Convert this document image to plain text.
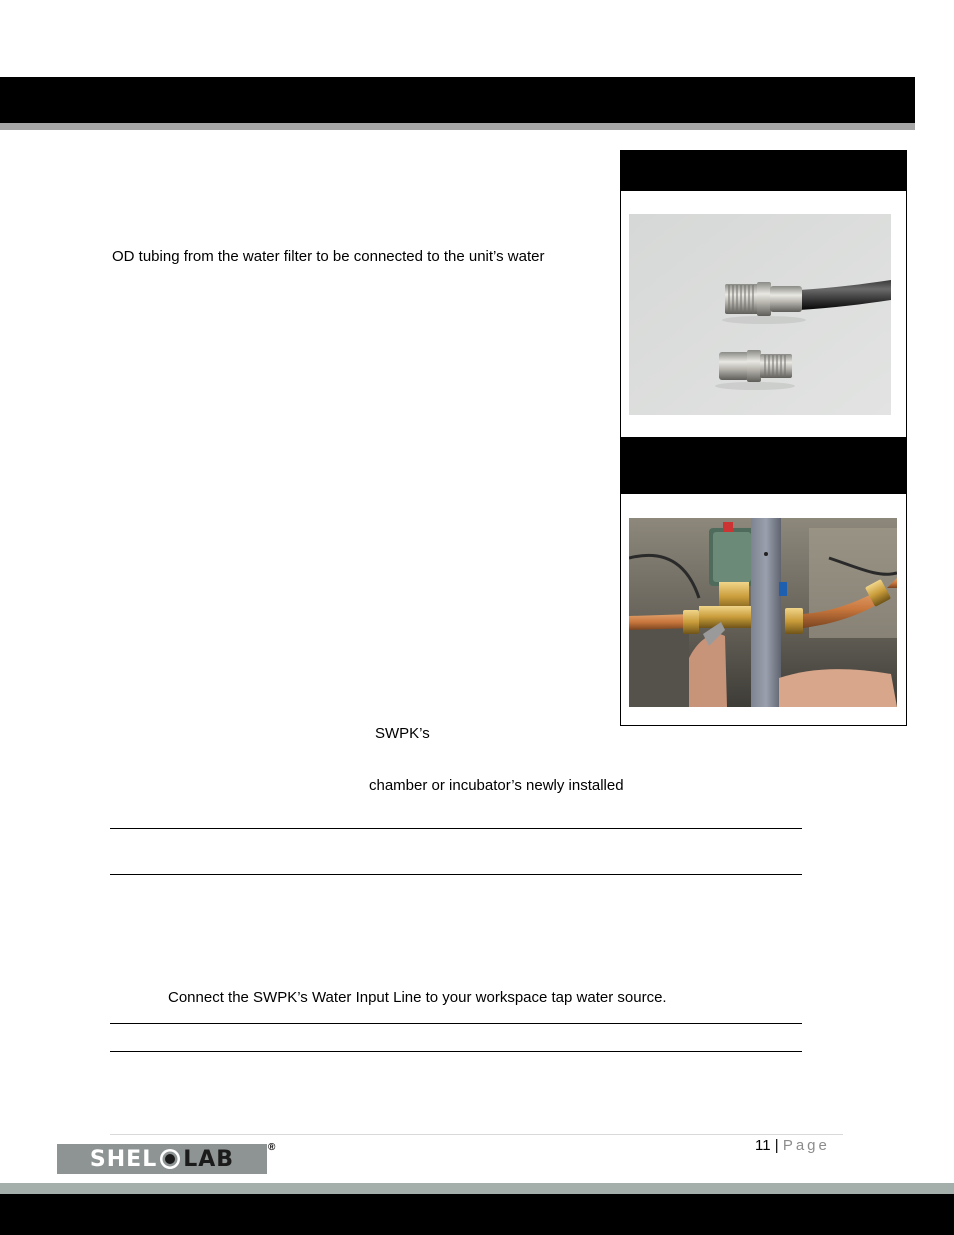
OD tubing from the water filter to be connected to the unit’s water
SWPK’s
chamber or incubator’s newly installed
Connect the SWPK’s Water Input Line to your workspace tap water source.
11 | Page
SHEL LAB	®
